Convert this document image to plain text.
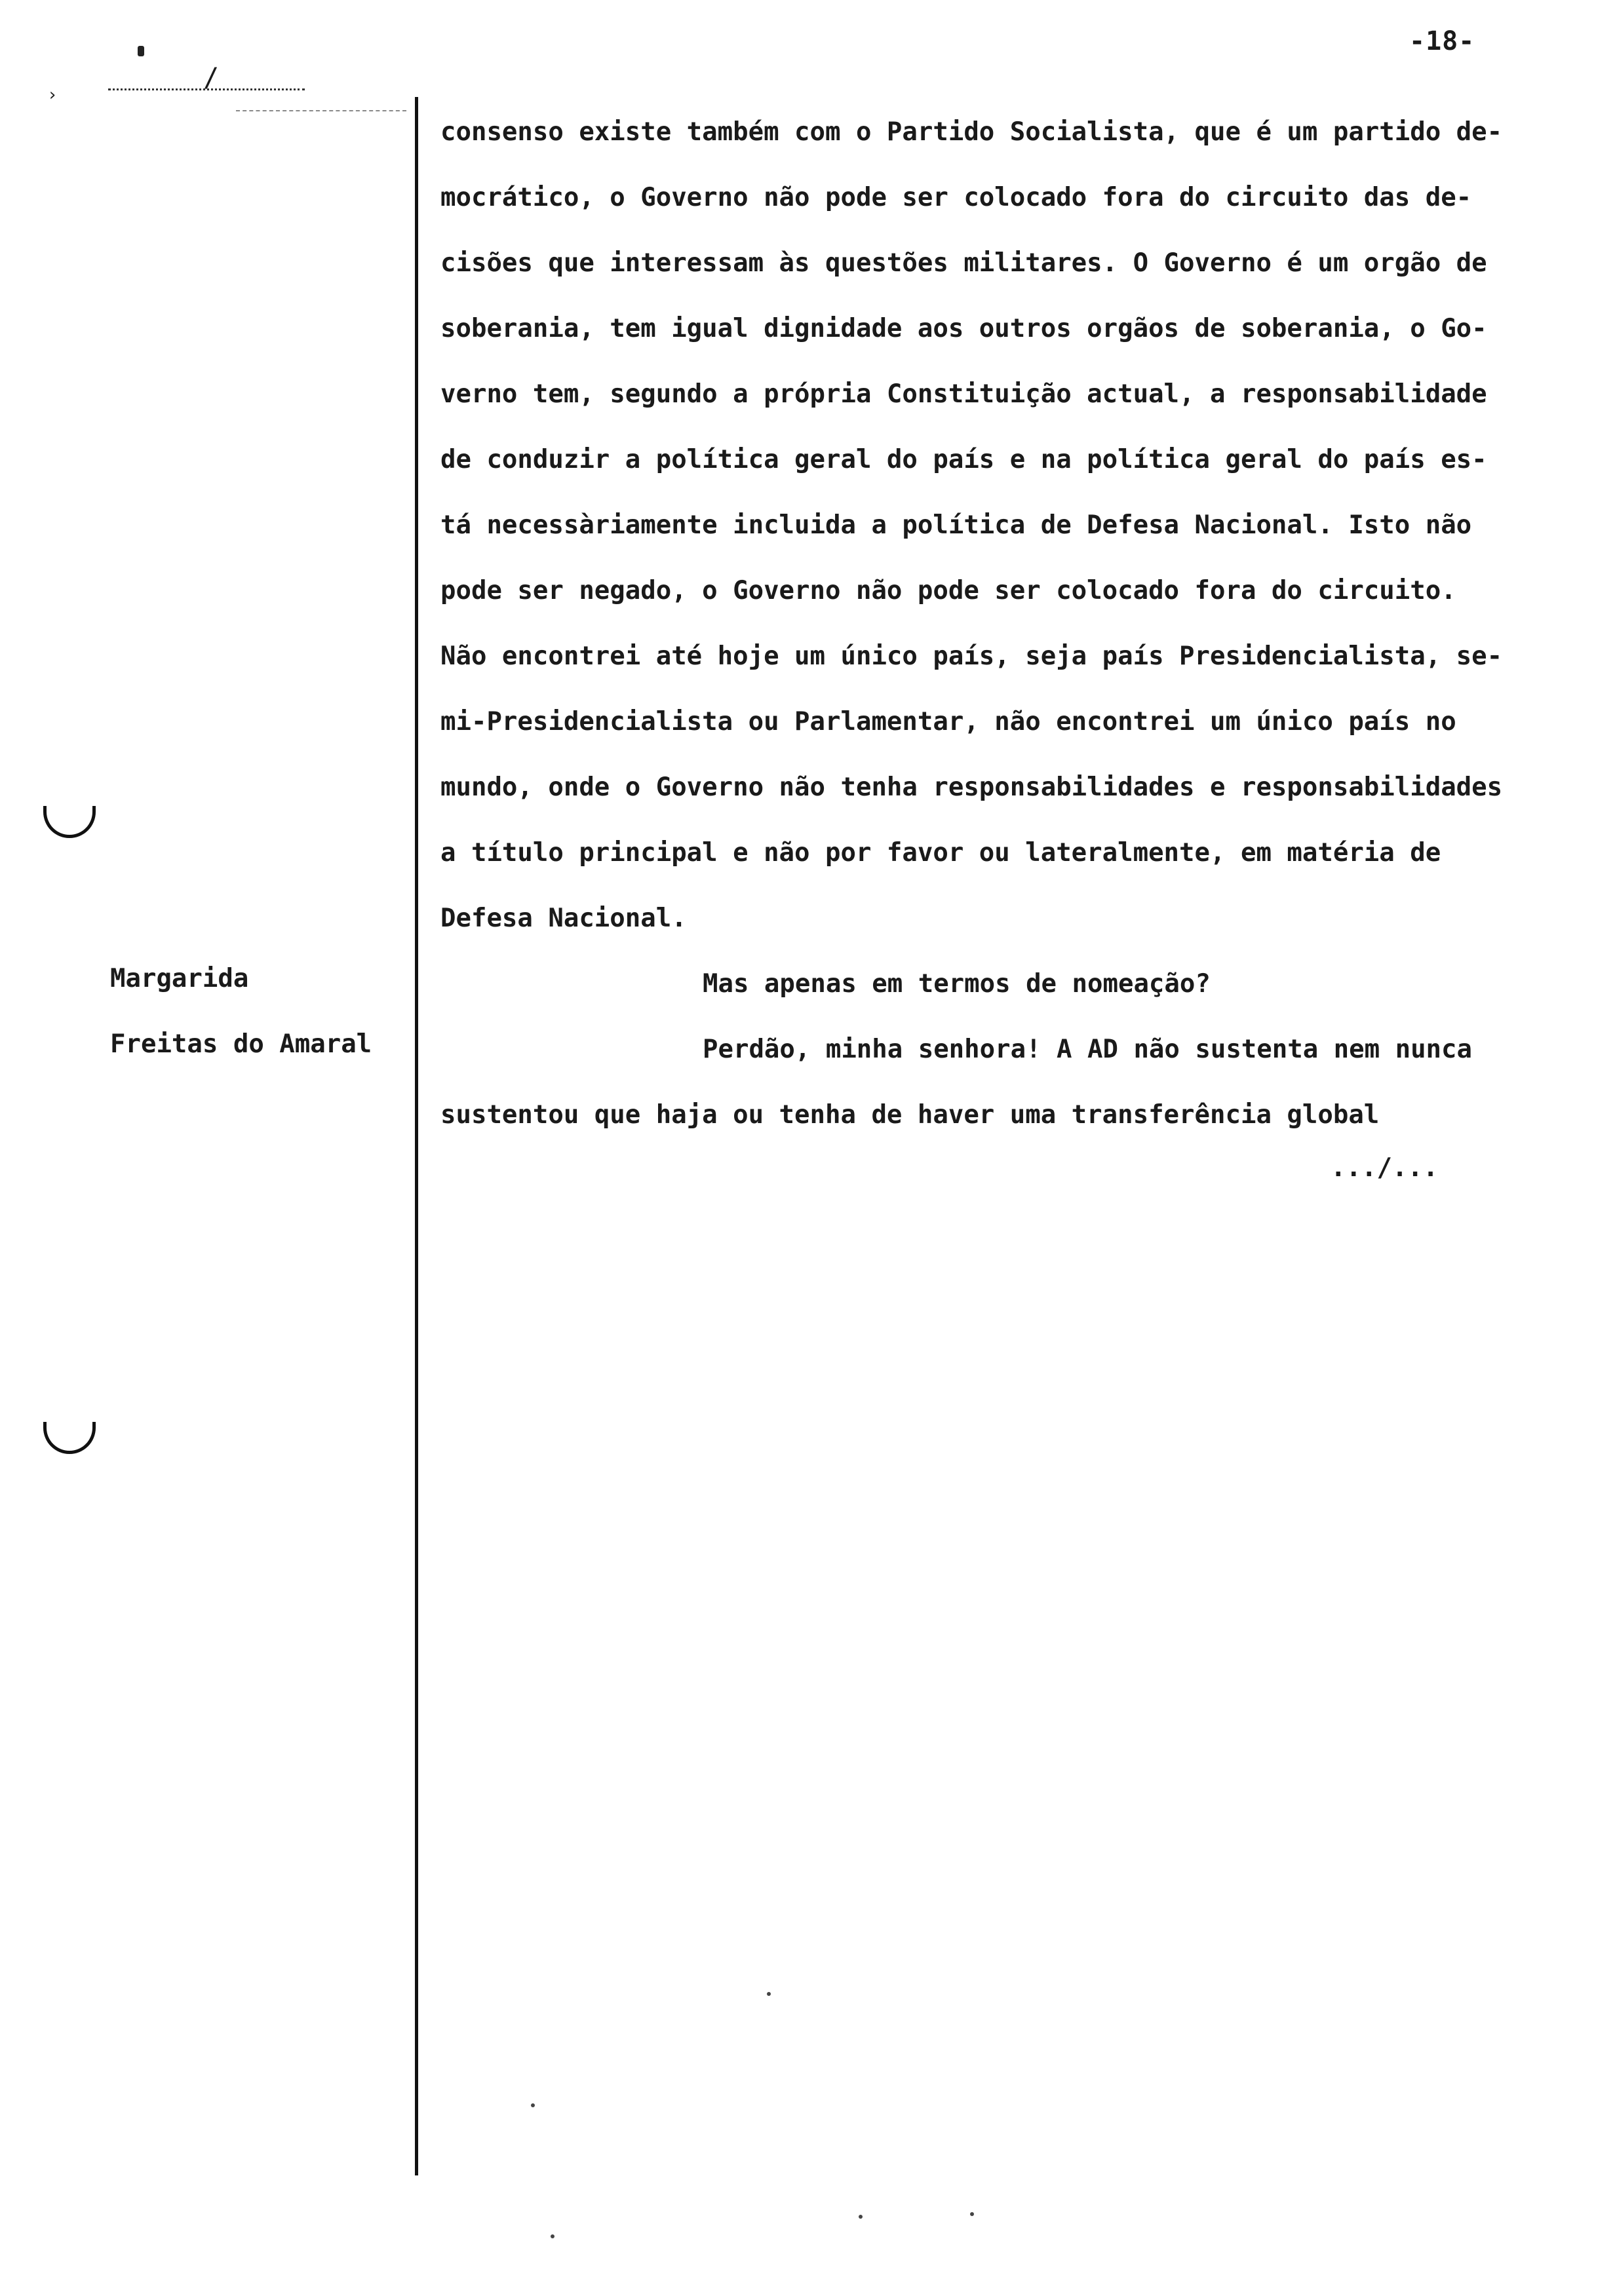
-18-
›
/
Margarida
Freitas do Amaral
consenso existe também com o Partido Socialista, que é um partido de-
mocrático, o Governo não pode ser colocado fora do circuito das de-
cisões que interessam às questões militares. O Governo é um orgão de
soberania, tem igual dignidade aos outros orgãos de soberania, o Go-
verno tem, segundo a própria Constituição actual, a responsabilidade
de conduzir a política geral do país e na política geral do país es-
tá necessàriamente incluida a política de Defesa Nacional. Isto não
pode ser negado, o Governo não pode ser colocado fora do circuito.
Não encontrei até hoje um único país, seja país Presidencialista, se-
mi-Presidencialista ou Parlamentar, não encontrei um único país no
mundo, onde o Governo não tenha responsabilidades e responsabilidades
a título principal e não por favor ou lateralmente, em matéria de
Defesa Nacional.
Mas apenas em termos de nomeação?
Perdão, minha senhora! A AD não sustenta nem nunca
sustentou que haja ou tenha de haver uma transferência global
.../...
